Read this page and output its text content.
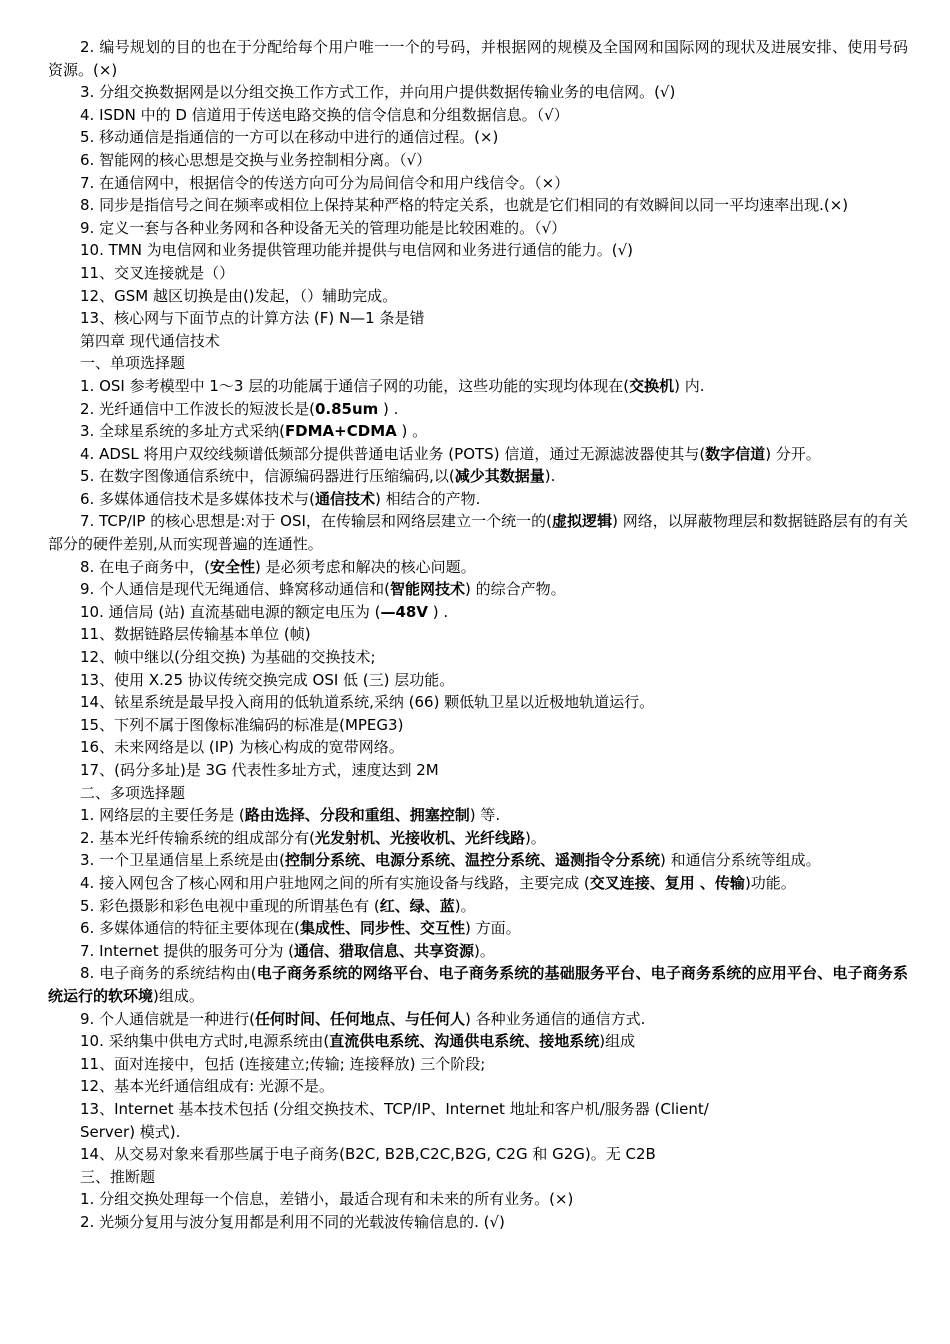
2. 编号规划的目的也在于分配给每个用户唯一一个的号码，并根据网的规模及全国网和国际网的现状及进展安排、使用号码资源。(×)
3. 分组交换数据网是以分组交换工作方式工作，并向用户提供数据传输业务的电信网。(√)
4. ISDN 中的 D 信道用于传送电路交换的信令信息和分组数据信息。（√）
5. 移动通信是指通信的一方可以在移动中进行的通信过程。(×)
6. 智能网的核心思想是交换与业务控制相分离。（√）
7. 在通信网中，根据信令的传送方向可分为局间信令和用户线信令。（×）
8. 同步是指信号之间在频率或相位上保持某种严格的特定关系，也就是它们相同的有效瞬间以同一平均速率出现.(×)
9. 定义一套与各种业务网和各种设备无关的管理功能是比较困难的。（√）
10. TMN 为电信网和业务提供管理功能并提供与电信网和业务进行通信的能力。(√)
11、交叉连接就是（）
12、GSM 越区切换是由()发起，（）辅助完成。
13、核心网与下面节点的计算方法 (F) N—1 条是错
第四章 现代通信技术
一、单项选择题
1. OSI 参考模型中 1～3 层的功能属于通信子网的功能，这些功能的实现均体现在(交换机) 内.
2. 光纤通信中工作波长的短波长是(0.85um ) .
3. 全球星系统的多址方式采纳(FDMA+CDMA ) 。
4. ADSL 将用户双绞线频谱低频部分提供普通电话业务 (POTS) 信道，通过无源滤波器使其与(数字信道) 分开。
5. 在数字图像通信系统中，信源编码器进行压缩编码,以(减少其数据量).
6. 多媒体通信技术是多媒体技术与(通信技术) 相结合的产物.
7. TCP/IP 的核心思想是:对于 OSI，在传输层和网络层建立一个统一的(虚拟逻辑) 网络，以屏蔽物理层和数据链路层有的有关部分的硬件差别,从而实现普遍的连通性。
8. 在电子商务中，(安全性) 是必须考虑和解决的核心问题。
9. 个人通信是现代无绳通信、蜂窝移动通信和(智能网技术) 的综合产物。
10. 通信局 (站) 直流基础电源的额定电压为 (—48V ) .
11、数据链路层传输基本单位 (帧)
12、帧中继以(分组交换) 为基础的交换技术;
13、使用 X.25 协议传统交换完成 OSI 低 (三) 层功能。
14、铱星系统是最早投入商用的低轨道系统,采纳 (66) 颗低轨卫星以近极地轨道运行。
15、下列不属于图像标准编码的标准是(MPEG3)
16、未来网络是以 (IP) 为核心构成的宽带网络。
17、(码分多址)是 3G 代表性多址方式，速度达到 2M
二、多项选择题
1. 网络层的主要任务是 (路由选择、分段和重组、拥塞控制) 等.
2. 基本光纤传输系统的组成部分有(光发射机、光接收机、光纤线路)。
3. 一个卫星通信星上系统是由(控制分系统、电源分系统、温控分系统、遥测指令分系统) 和通信分系统等组成。
4. 接入网包含了核心网和用户驻地网之间的所有实施设备与线路，主要完成 (交叉连接、复用 、传输)功能。
5. 彩色摄影和彩色电视中重现的所谓基色有 (红、绿、蓝)。
6. 多媒体通信的特征主要体现在(集成性、同步性、交互性) 方面。
7. Internet 提供的服务可分为 (通信、猎取信息、共享资源)。
8. 电子商务的系统结构由(电子商务系统的网络平台、电子商务系统的基础服务平台、电子商务系统的应用平台、电子商务系统运行的软环境)组成。
9. 个人通信就是一种进行(任何时间、任何地点、与任何人) 各种业务通信的通信方式.
10. 采纳集中供电方式时,电源系统由(直流供电系统、沟通供电系统、接地系统)组成
11、面对连接中，包括 (连接建立;传输; 连接释放) 三个阶段;
12、基本光纤通信组成有: 光源不是。
13、Internet 基本技术包括 (分组交换技术、TCP/IP、Internet 地址和客户机/服务器 (Client/
Server) 模式).
14、从交易对象来看那些属于电子商务(B2C, B2B,C2C,B2G, C2G 和 G2G)。无 C2B
三、推断题
1. 分组交换处理每一个信息，差错小，最适合现有和未来的所有业务。(×)
2. 光频分复用与波分复用都是利用不同的光载波传输信息的. (√)
